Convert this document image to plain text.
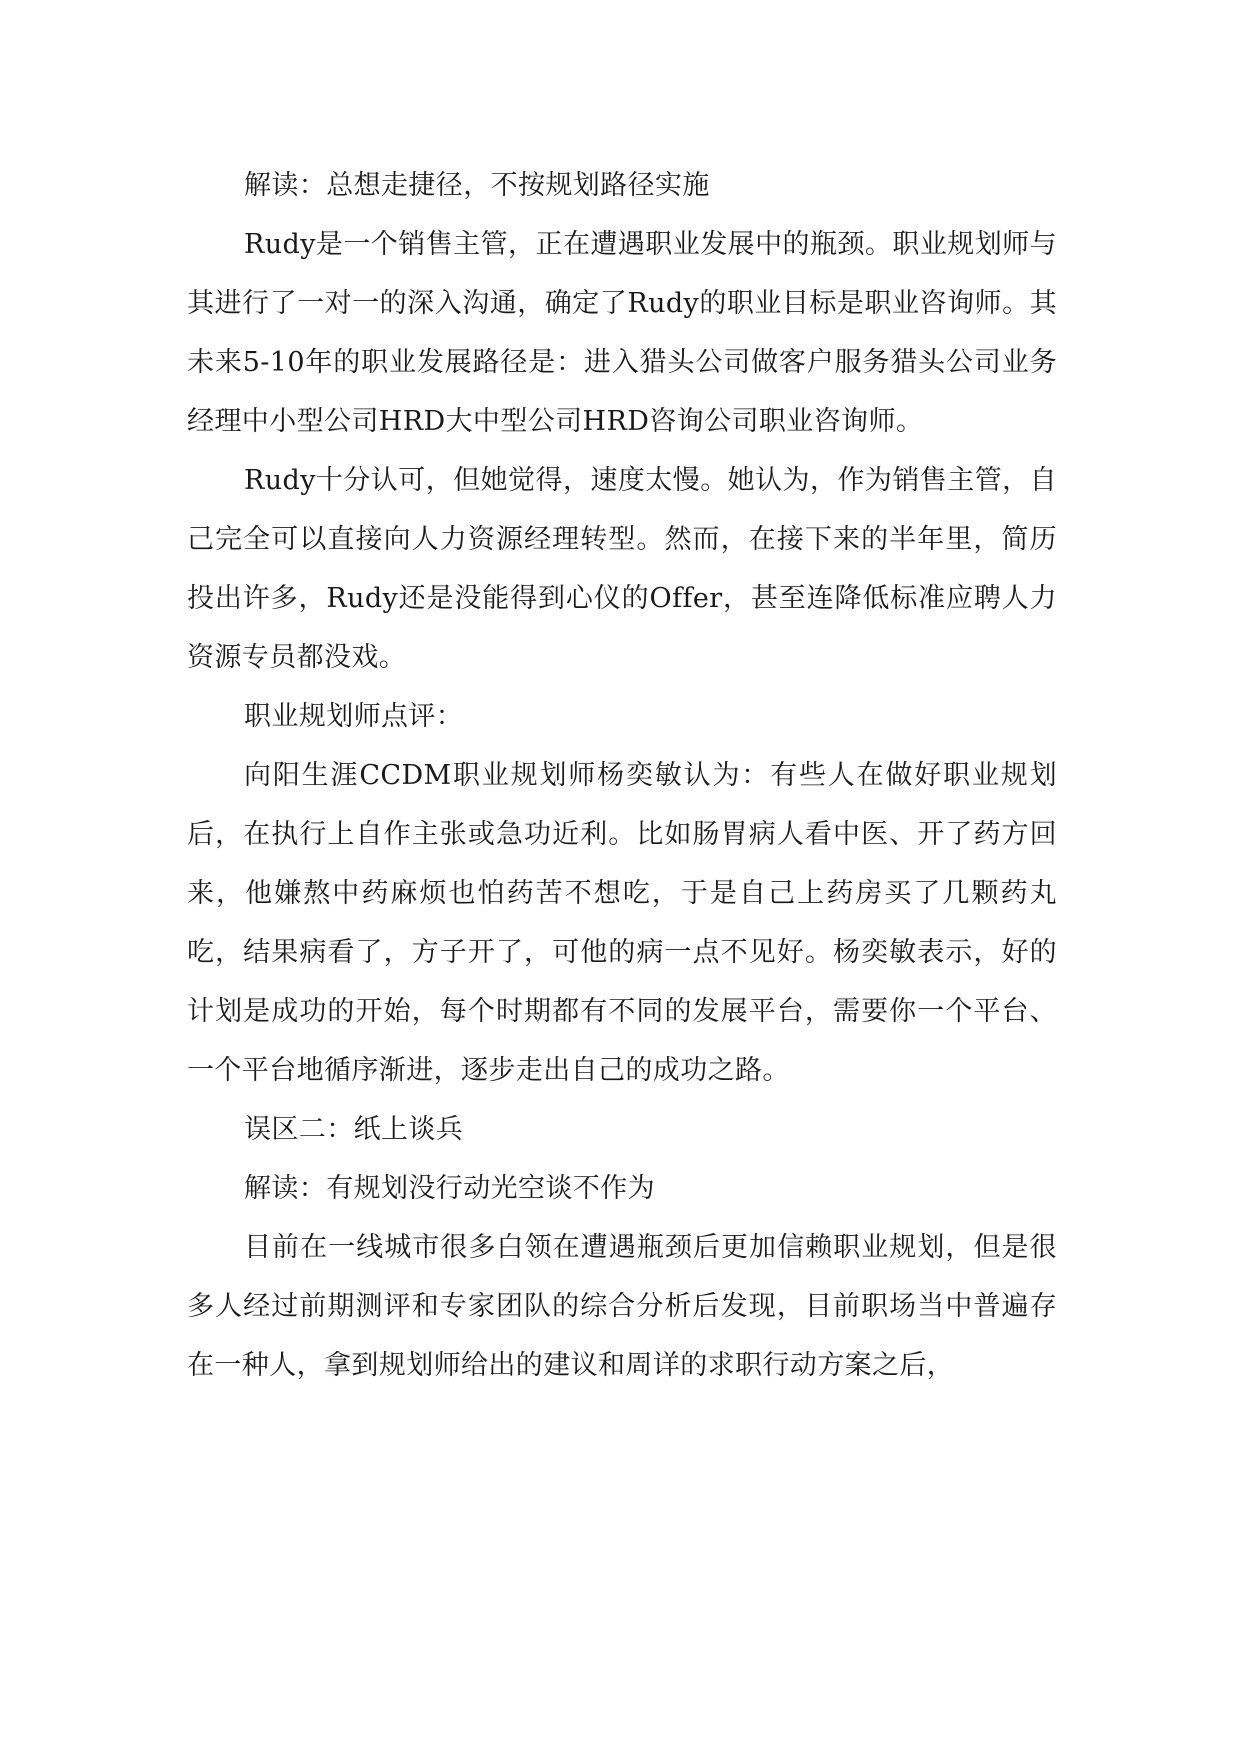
解读：总想走捷径，不按规划路径实施

Rudy是一个销售主管，正在遭遇职业发展中的瓶颈。职业规划师与其进行了一对一的深入沟通，确定了Rudy的职业目标是职业咨询师。其未来5-10年的职业发展路径是：进入猎头公司做客户服务猎头公司业务经理中小型公司HRD大中型公司HRD咨询公司职业咨询师。

Rudy十分认可，但她觉得，速度太慢。她认为，作为销售主管，自己完全可以直接向人力资源经理转型。然而，在接下来的半年里，简历投出许多，Rudy还是没能得到心仪的Offer，甚至连降低标准应聘人力资源专员都没戏。

职业规划师点评：

向阳生涯CCDM职业规划师杨奕敏认为：有些人在做好职业规划后，在执行上自作主张或急功近利。比如肠胃病人看中医、开了药方回来，他嫌熬中药麻烦也怕药苦不想吃，于是自己上药房买了几颗药丸吃，结果病看了，方子开了，可他的病一点不见好。杨奕敏表示，好的计划是成功的开始，每个时期都有不同的发展平台，需要你一个平台、一个平台地循序渐进，逐步走出自己的成功之路。

误区二：纸上谈兵

解读：有规划没行动光空谈不作为

目前在一线城市很多白领在遭遇瓶颈后更加信赖职业规划，但是很多人经过前期测评和专家团队的综合分析后发现，目前职场当中普遍存在一种人，拿到规划师给出的建议和周详的求职行动方案之后，
